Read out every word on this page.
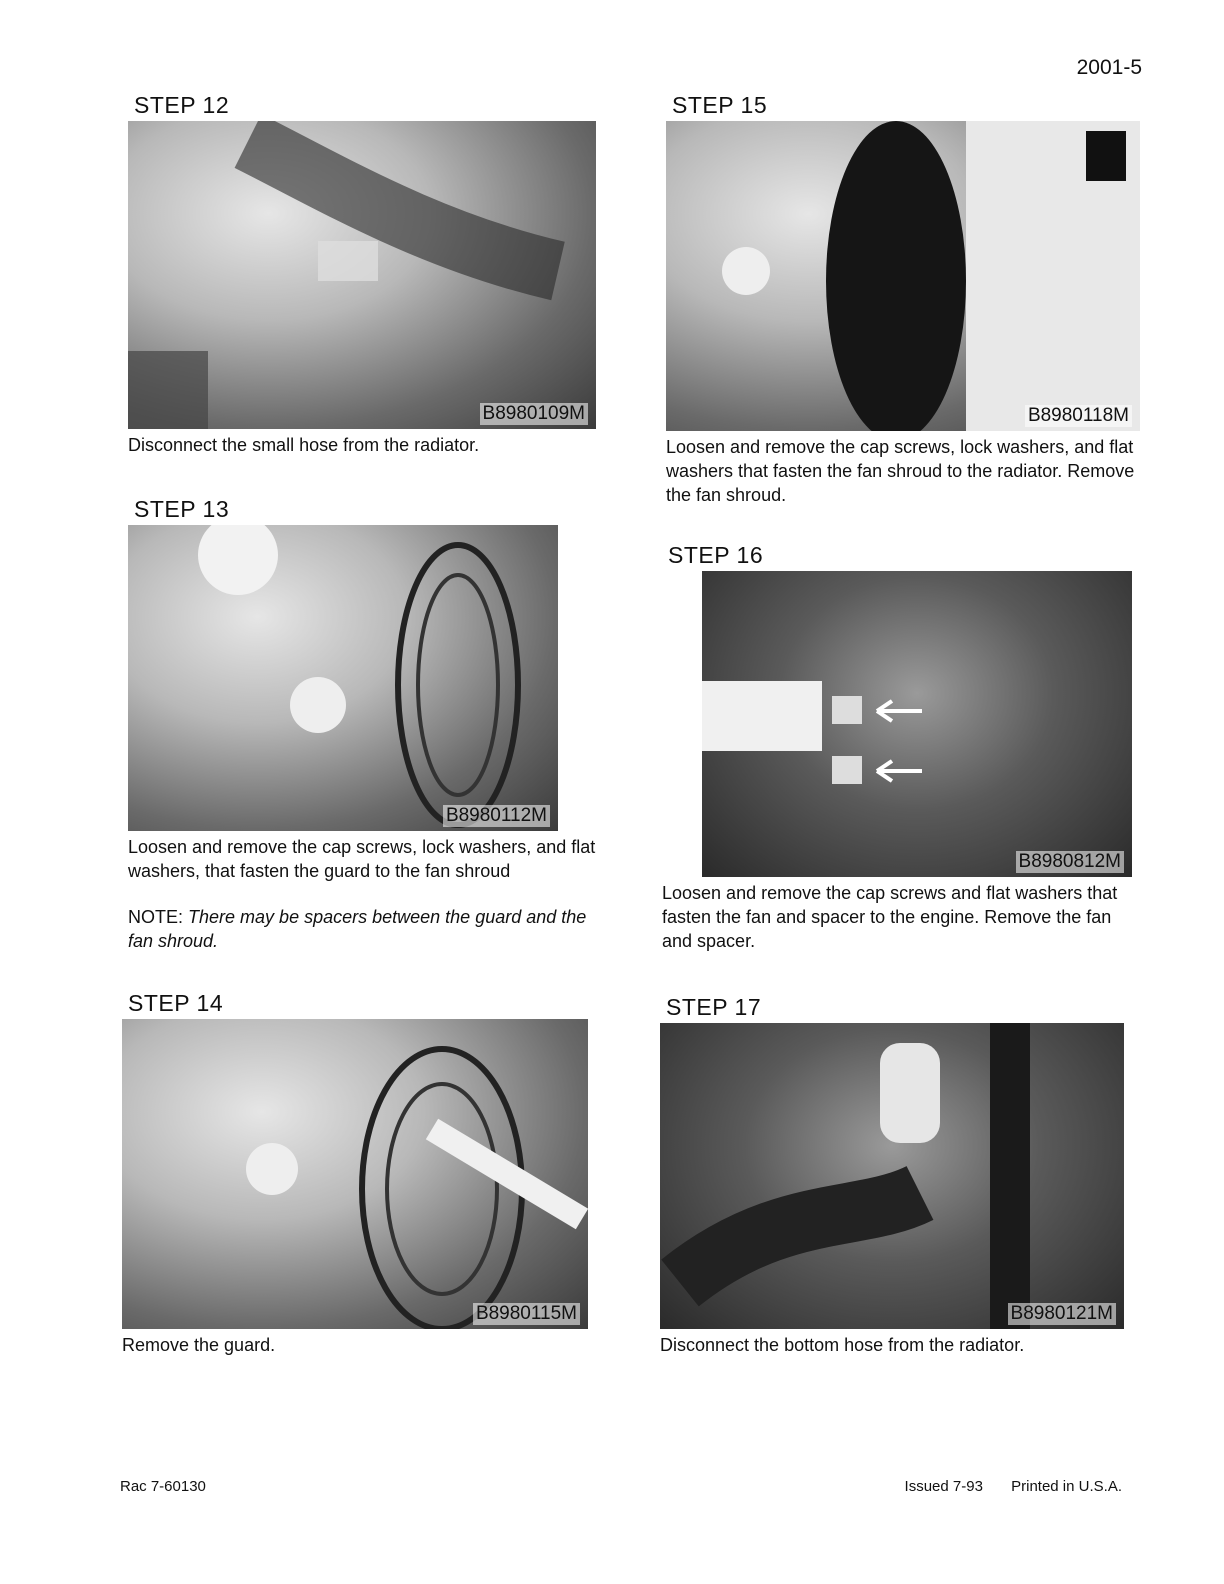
2001-5
STEP 12
B8980109M
Disconnect the small hose from the radiator.
STEP 13
B8980112M
Loosen and remove the cap screws, lock washers, and flat washers, that fasten the guard to the fan shroud
NOTE: There may be spacers between the guard and the fan shroud.
STEP 14
B8980115M
Remove the guard.
STEP 15
B8980118M
Loosen and remove the cap screws, lock washers, and flat washers that fasten the fan shroud to the radiator. Remove the fan shroud.
STEP 16
B8980812M
Loosen and remove the cap screws and flat washers that fasten the fan and spacer to the engine. Remove the fan and spacer.
STEP 17
B8980121M
Disconnect the bottom hose from the radiator.
Rac 7-60130	Issued 7-93 Printed in U.S.A.
